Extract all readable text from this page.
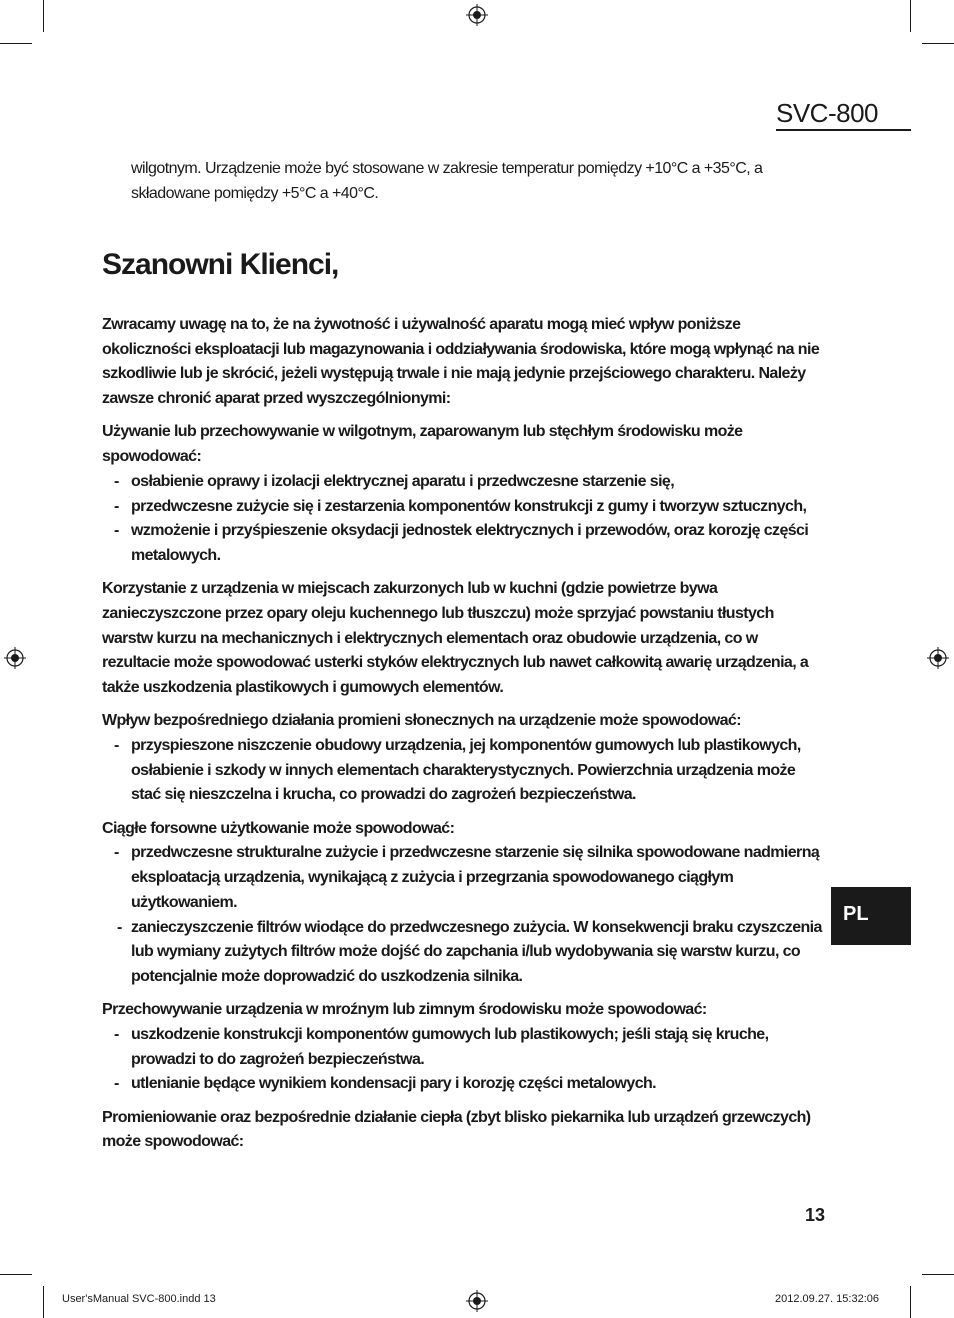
SVC-800

wilgotnym. Urządzenie może być stosowane w zakresie temperatur pomiędzy +10°C a +35°C, a składowane pomiędzy +5°C a +40°C.

Szanowni Klienci,

Zwracamy uwagę na to, że na żywotność i używalność aparatu mogą mieć wpływ poniższe okoliczności eksploatacji lub magazynowania i oddziaływania środowiska, które mogą wpłynąć na nie szkodliwie lub je skrócić, jeżeli występują trwale i nie mają jedynie przejściowego charakteru. Należy zawsze chronić aparat przed wyszczególnionymi:

Używanie lub przechowywanie w wilgotnym, zaparowanym lub stęchłym środowisku może spowodować:

- osłabienie oprawy i izolacji elektrycznej aparatu i przedwczesne starzenie się,
- przedwczesne zużycie się i zestarzenia komponentów konstrukcji z gumy i tworzyw sztucznych,
- wzmożenie i przyśpieszenie oksydacji jednostek elektrycznych i przewodów, oraz korozję części metalowych.

Korzystanie z urządzenia w miejscach zakurzonych lub w kuchni (gdzie powietrze bywa zanieczyszczone przez opary oleju kuchennego lub tłuszczu) może sprzyjać powstaniu tłustych warstw kurzu na mechanicznych i elektrycznych elementach oraz obudowie urządzenia, co w rezultacie może spowodować usterki styków elektrycznych lub nawet całkowitą awarię urządzenia, a także uszkodzenia plastikowych i gumowych elementów.

Wpływ bezpośredniego działania promieni słonecznych na urządzenie może spowodować:

- przyspieszone niszczenie obudowy urządzenia, jej komponentów gumowych lub plastikowych, osłabienie i szkody w innych elementach charakterystycznych. Powierzchnia urządzenia może stać się nieszczelna i krucha, co prowadzi do zagrożeń bezpieczeństwa.

Ciągłe forsowne użytkowanie może spowodować:

- przedwczesne strukturalne zużycie i przedwczesne starzenie się silnika spowodowane nadmierną eksploatacją urządzenia, wynikającą z zużycia i przegrzania spowodowanego ciągłym użytkowaniem.
- zanieczyszczenie filtrów wiodące do przedwczesnego zużycia. W konsekwencji braku czyszczenia lub wymiany zużytych filtrów może dojść do zapchania i/lub wydobywania się warstw kurzu, co potencjalnie może doprowadzić do uszkodzenia silnika.

Przechowywanie urządzenia w mroźnym lub zimnym środowisku może spowodować:

- uszkodzenie konstrukcji komponentów gumowych lub plastikowych; jeśli stają się kruche, prowadzi to do zagrożeń bezpieczeństwa.
- utlenianie będące wynikiem kondensacji pary i korozję części metalowych.

Promieniowanie oraz bezpośrednie działanie ciepła (zbyt blisko piekarnika lub urządzeń grzewczych) może spowodować:

PL
13
User'sManual SVC-800.indd 13	2012.09.27. 15:32:06
